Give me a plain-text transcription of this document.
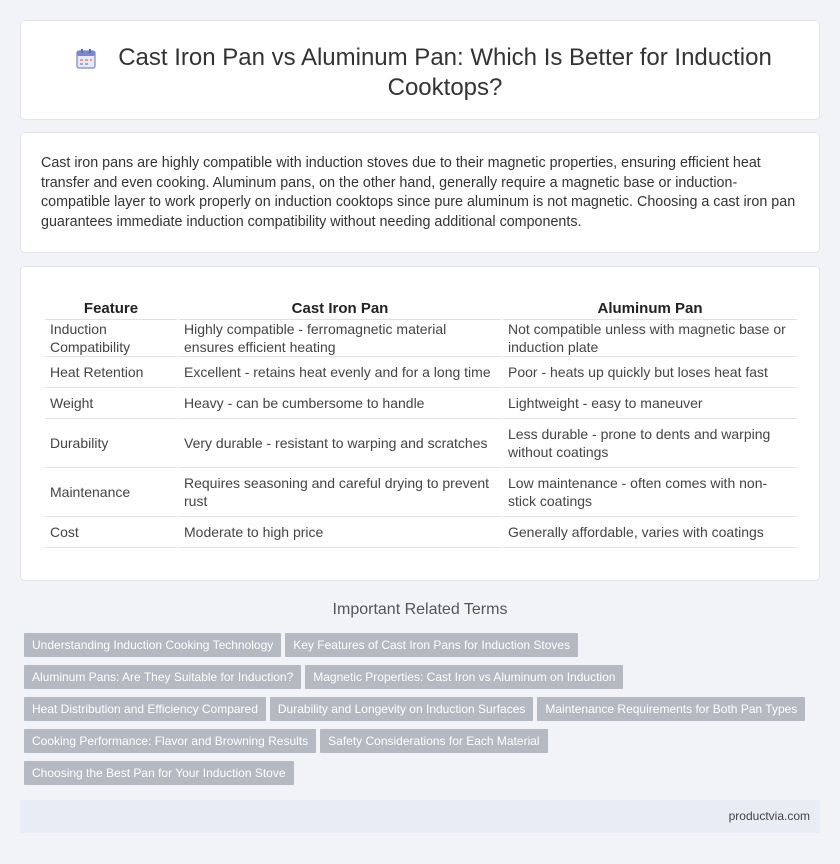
Cast Iron Pan vs Aluminum Pan: Which Is Better for Induction Cooktops?

Cast iron pans are highly compatible with induction stoves due to their magnetic properties, ensuring efficient heat transfer and even cooking. Aluminum pans, on the other hand, generally require a magnetic base or induction-compatible layer to work properly on induction cooktops since pure aluminum is not magnetic. Choosing a cast iron pan guarantees immediate induction compatibility without needing additional components.

Feature	Cast Iron Pan	Aluminum Pan
Induction Compatibility	Highly compatible - ferromagnetic material ensures efficient heating	Not compatible unless with magnetic base or induction plate
Heat Retention	Excellent - retains heat evenly and for a long time	Poor - heats up quickly but loses heat fast
Weight	Heavy - can be cumbersome to handle	Lightweight - easy to maneuver
Durability	Very durable - resistant to warping and scratches	Less durable - prone to dents and warping without coatings
Maintenance	Requires seasoning and careful drying to prevent rust	Low maintenance - often comes with non-stick coatings
Cost	Moderate to high price	Generally affordable, varies with coatings
Important Related Terms
Understanding Induction Cooking Technology Key Features of Cast Iron Pans for Induction Stoves
Aluminum Pans: Are They Suitable for Induction? Magnetic Properties: Cast Iron vs Aluminum on Induction
Heat Distribution and Efficiency Compared Durability and Longevity on Induction Surfaces Maintenance Requirements for Both Pan Types
Cooking Performance: Flavor and Browning Results Safety Considerations for Each Material
Choosing the Best Pan for Your Induction Stove
productvia.com
